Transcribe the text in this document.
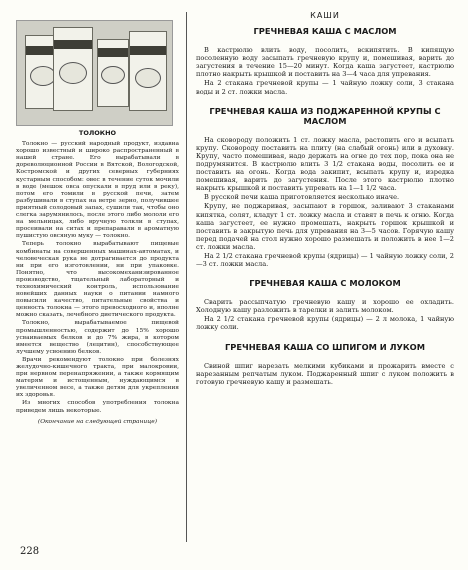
ТОЛОКНО

Толокно — русский народный продукт, издавна хорошо известный и широко распространенный в нашей стране. Его вырабатывали в дореволюционной России в Вятской, Вологодской, Костромской и других северных губерниях кустарным способом: овес в течение суток мочили в воде (мешок овса опускали в пруд или в реку), потом его томили в русской печи, затем разбушивали в ступах на ветре зерно, получившее приятный солодовый запах, сушили так, чтобы оно слегка зарумянилось, после этого либо мололи его на мельницах, либо вручную толкли в ступах, просеивали на ситах и препаравали в ароматную пушистую овсяную муку — толокно.

Теперь толокно вырабатывают пищевые комбинаты на совершенных машинах-автоматах, и человеческая рука не дотрагивается до продукта ни при его изготовлении, ни при упаковке. Понятно, что высокомеханизированное производство, тщательный лабораторный и технохимический контроль, использование новейших данных науки о питании намного повысили качество, питательные свойства и ценность толокна — этого превосходного и, вполне можно сказать, лечебного диетического продукта.

Толокно, вырабатываемое пищевой промышленностью, содержит до 15% хорошо усваиваемых белков и до 7% жира, в котором имеется вещество (лецитин), способствующее лучшему усвоению белков.

Врачи рекомендуют толокно при болезнях желудочно-кишечного тракта, при малокровии, при нервном перенапряжении, а также кормящим матерям и истощенным, нуждающимся в увеличенном весе, а также детям для укрепления их здоровья.

Из многих способов употребления толокна приведем лишь некоторые.

(Окончание на следующей странице)
228
КАШИ
ГРЕЧНЕВАЯ КАША С МАСЛОМ

В кастрюлю влить воду, посолить, вскипятить. В кипящую посоленную воду засыпать гречневую крупу и, помешивая, варить до загустения в течение 15—20 минут. Когда каша загустеет, кастрюлю плотно накрыть крышкой и поставить на 3—4 часа для упревания.

На 2 стакана гречневой крупы — 1 чайную ложку соли, 3 стакана воды и 2 ст. ложки масла.

ГРЕЧНЕВАЯ КАША ИЗ ПОДЖАРЕННОЙ КРУПЫ С МАСЛОМ

На сковороду положить 1 ст. ложку масла, растопить его и всыпать крупу. Сковороду поставить на плиту (на слабый огонь) или в духовку. Крупу, часто помешивая, надо держать на огне до тех пор, пока она не подрумянится. В кастрюлю влить 3 1/2 стакана воды, посолить ее и поставить на огонь. Когда вода закипит, всыпать крупу и, изредка помешивая, варить до загустения. После этого кастрюлю плотно накрыть крышкой и поставить упревать на 1—1 1/2 часа.

В русской печи каша приготовляется несколько иначе.

Крупу, не поджаривая, засыпают в горшок, заливают 3 стаканами кипятка, солят, кладут 1 ст. ложку масла и ставят в печь к огню. Когда каша загустеет, ее нужно промешать, накрыть горшок крышкой и поставить в закрытую печь для упревания на 3—5 часов. Горячую кашу перед подачей на стол нужно хорошо размешать и положить в нее 1—2 ст. ложки масла.

На 2 1/2 стакана гречневой крупы (ядрицы) — 1 чайную ложку соли, 2—3 ст. ложки масла.

ГРЕЧНЕВАЯ КАША С МОЛОКОМ

Сварить рассыпчатую гречневую кашу и хорошо ее охладить. Холодную кашу разложить в тарелки и залить молоком.

На 2 1/2 стакана гречневой крупы (ядрицы) — 2 л молока, 1 чайную ложку соли.

ГРЕЧНЕВАЯ КАША СО ШПИГОМ И ЛУКОМ

Свиной шпиг нарезать мелкими кубиками и прожарить вместе с нарезанным репчатым луком. Поджаренный шпиг с луком положить в готовую гречневую кашу и размешать.
